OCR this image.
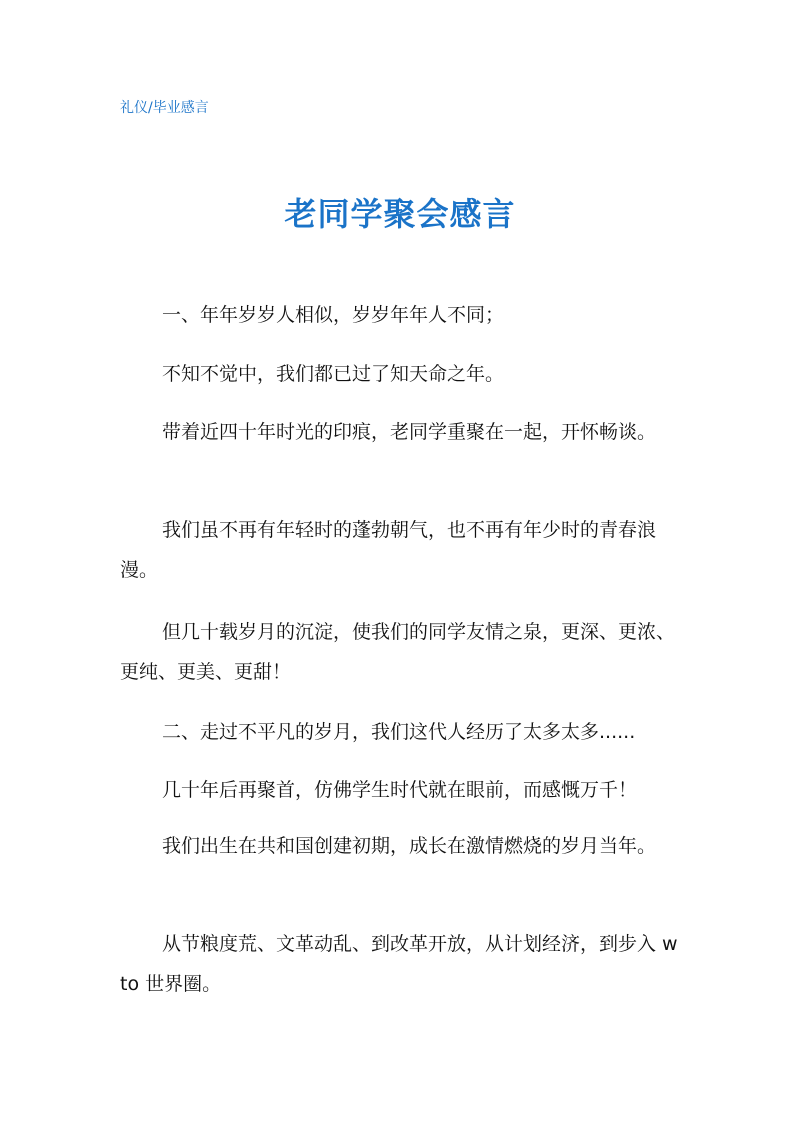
礼仪/毕业感言
老同学聚会感言

一、年年岁岁人相似，岁岁年年人不同；

不知不觉中，我们都已过了知天命之年。

带着近四十年时光的印痕，老同学重聚在一起，开怀畅谈。

我们虽不再有年轻时的蓬勃朝气，也不再有年少时的青春浪漫。

但几十载岁月的沉淀，使我们的同学友情之泉，更深、更浓、更纯、更美、更甜！

二、走过不平凡的岁月，我们这代人经历了太多太多......

几十年后再聚首，仿佛学生时代就在眼前，而感慨万千！

我们出生在共和国创建初期，成长在激情燃烧的岁月当年。

从节粮度荒、文革动乱、到改革开放，从计划经济，到步入 wto 世界圈。
